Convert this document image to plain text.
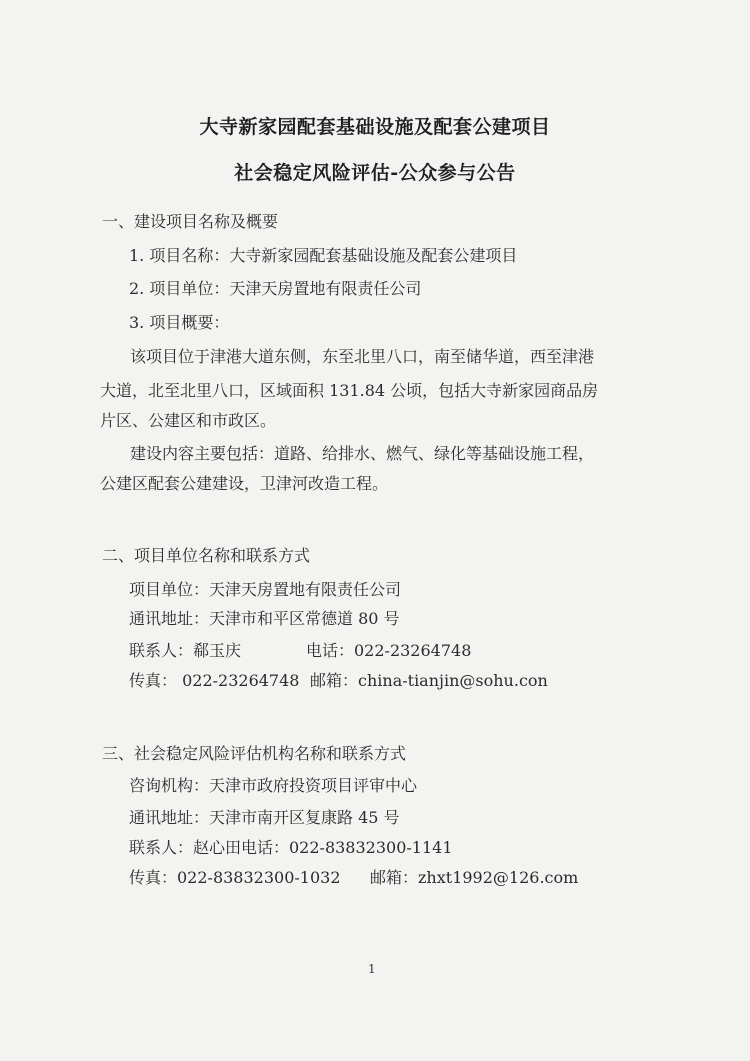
大寺新家园配套基础设施及配套公建项目
社会稳定风险评估-公众参与公告
一、建设项目名称及概要
1. 项目名称：大寺新家园配套基础设施及配套公建项目
2. 项目单位：天津天房置地有限责任公司
3. 项目概要：
该项目位于津港大道东侧，东至北里八口，南至储华道，西至津港
大道，北至北里八口，区域面积 131.84 公顷，包括大寺新家园商品房
片区、公建区和市政区。
建设内容主要包括：道路、给排水、燃气、绿化等基础设施工程，
公建区配套公建建设，卫津河改造工程。
二、项目单位名称和联系方式
项目单位：天津天房置地有限责任公司
通讯地址：天津市和平区常德道 80 号
联系人：郗玉庆	电话：022-23264748
传真： 022-23264748 邮箱：china-tianjin@sohu.con
三、社会稳定风险评估机构名称和联系方式
咨询机构：天津市政府投资项目评审中心
通讯地址：天津市南开区复康路 45 号
联系人：赵心田电话：022-83832300-1141
传真：022-83832300-1032 邮箱：zhxt1992@126.com
1
